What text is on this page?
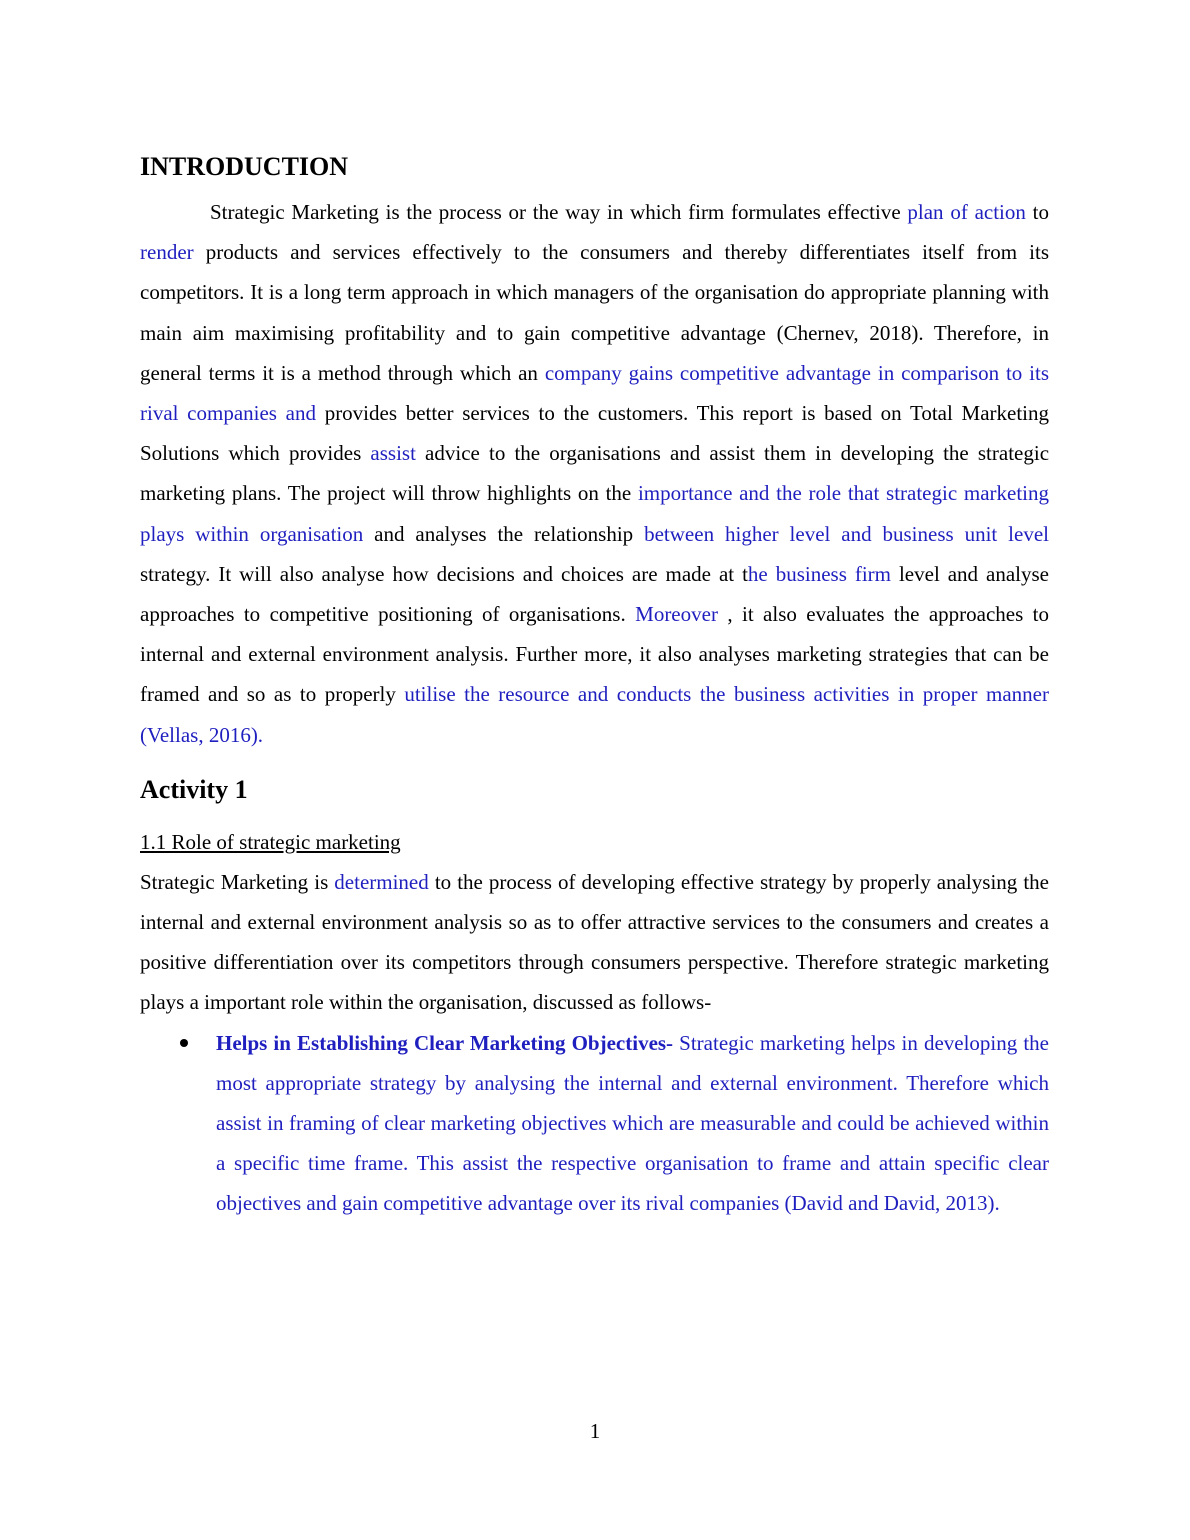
INTRODUCTION

Strategic Marketing is the process or the way in which firm formulates effective plan of action to render products and services effectively to the consumers and thereby differentiates itself from its competitors. It is a long term approach in which managers of the organisation do appropriate planning with main aim maximising profitability and to gain competitive advantage (Chernev, 2018). Therefore, in general terms it is a method through which an company gains competitive advantage in comparison to its rival companies and provides better services to the customers. This report is based on Total Marketing Solutions which provides assist advice to the organisations and assist them in developing the strategic marketing plans. The project will throw highlights on the importance and the role that strategic marketing plays within organisation and analyses the relationship between higher level and business unit level strategy. It will also analyse how decisions and choices are made at the business firm level and analyse approaches to competitive positioning of organisations. Moreover , it also evaluates the approaches to internal and external environment analysis. Further more, it also analyses marketing strategies that can be framed and so as to properly utilise the resource and conducts the business activities in proper manner (Vellas, 2016).

Activity 1

1.1 Role of strategic marketing

Strategic Marketing is determined to the process of developing effective strategy by properly analysing the internal and external environment analysis so as to offer attractive services to the consumers and creates a positive differentiation over its competitors through consumers perspective. Therefore strategic marketing plays a important role within the organisation, discussed as follows-

Helps in Establishing Clear Marketing Objectives- Strategic marketing helps in developing the most appropriate strategy by analysing the internal and external environment. Therefore which assist in framing of clear marketing objectives which are measurable and could be achieved within a specific time frame. This assist the respective organisation to frame and attain specific clear objectives and gain competitive advantage over its rival companies (David and David, 2013).
1
